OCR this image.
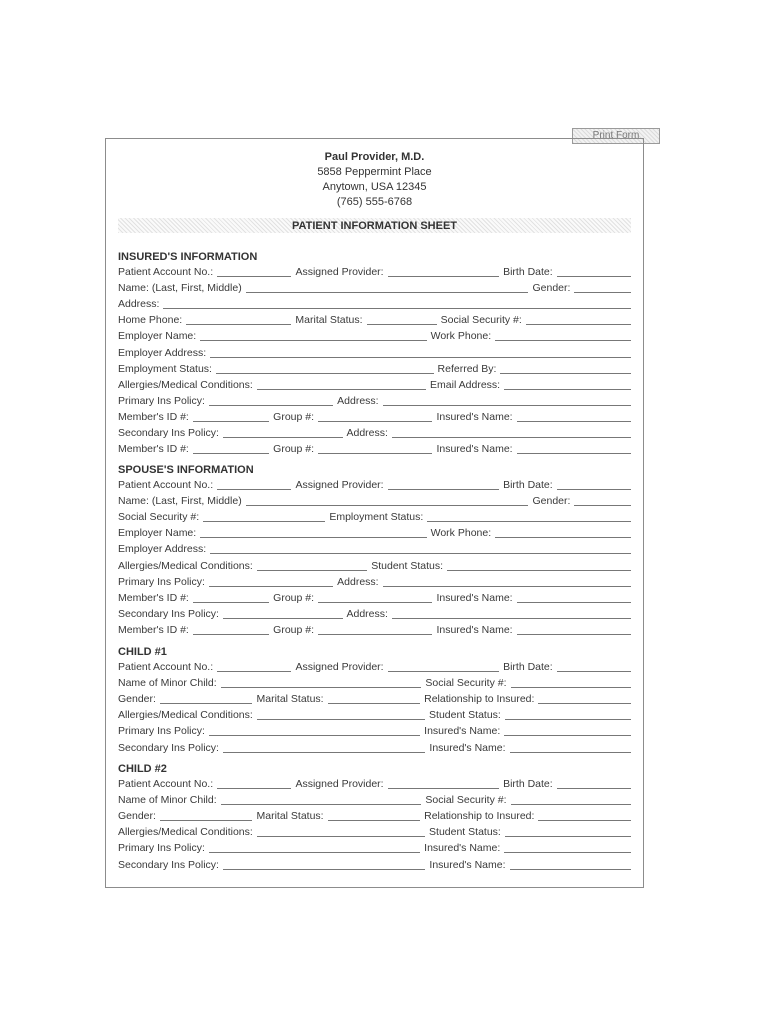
Print Form
Paul Provider, M.D.
5858 Peppermint Place
Anytown, USA 12345
(765) 555-6768
PATIENT INFORMATION SHEET
INSURED'S INFORMATION
Patient Account No.:	Assigned Provider:	Birth Date:
Name: (Last, First, Middle)	Gender:
Address:
Home Phone:	Marital Status:	Social Security #:
Employer Name:	Work Phone:
Employer Address:
Employment Status:	Referred By:
Allergies/Medical Conditions:	Email Address:
Primary Ins Policy:	Address:
Member's ID #:	Group #:	Insured's Name:
Secondary Ins Policy:	Address:
Member's ID #:	Group #:	Insured's Name:
SPOUSE'S INFORMATION
Patient Account No.:	Assigned Provider:	Birth Date:
Name: (Last, First, Middle)	Gender:
Social Security #:	Employment Status:
Employer Name:	Work Phone:
Employer Address:
Allergies/Medical Conditions:	Student Status:
Primary Ins Policy:	Address:
Member's ID #:	Group #:	Insured's Name:
Secondary Ins Policy:	Address:
Member's ID #:	Group #:	Insured's Name:
CHILD #1
Patient Account No.:	Assigned Provider:	Birth Date:
Name of Minor Child:	Social Security #:
Gender:	Marital Status:	Relationship to Insured:
Allergies/Medical Conditions:	Student Status:
Primary Ins Policy:	Insured's Name:
Secondary Ins Policy:	Insured's Name:
CHILD #2
Patient Account No.:	Assigned Provider:	Birth Date:
Name of Minor Child:	Social Security #:
Gender:	Marital Status:	Relationship to Insured:
Allergies/Medical Conditions:	Student Status:
Primary Ins Policy:	Insured's Name:
Secondary Ins Policy:	Insured's Name:
